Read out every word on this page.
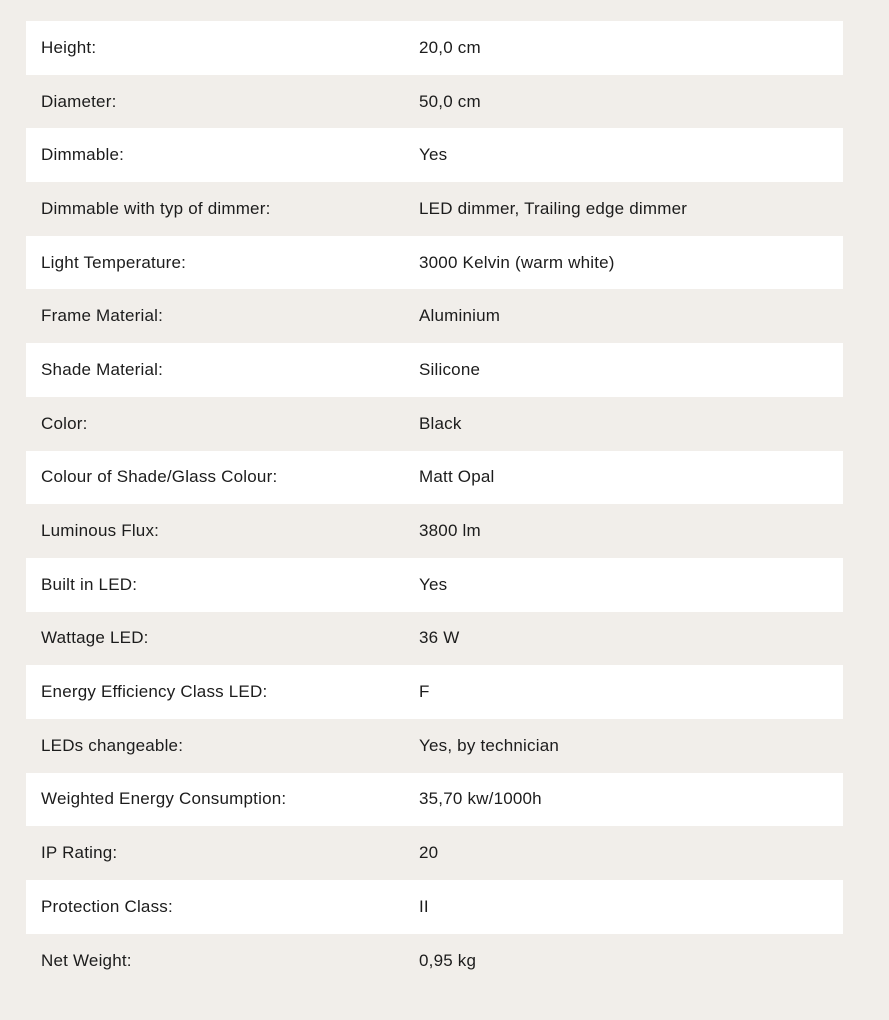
Height:	20,0 cm
Diameter:	50,0 cm
Dimmable:	Yes
Dimmable with typ of dimmer:	LED dimmer, Trailing edge dimmer
Light Temperature:	3000 Kelvin (warm white)
Frame Material:	Aluminium
Shade Material:	Silicone
Color:	Black
Colour of Shade/Glass Colour:	Matt Opal
Luminous Flux:	3800 lm
Built in LED:	Yes
Wattage LED:	36 W
Energy Efficiency Class LED:	F
LEDs changeable:	Yes, by technician
Weighted Energy Consumption:	35,70 kw/1000h
IP Rating:	20
Protection Class:	II
Net Weight:	0,95 kg
